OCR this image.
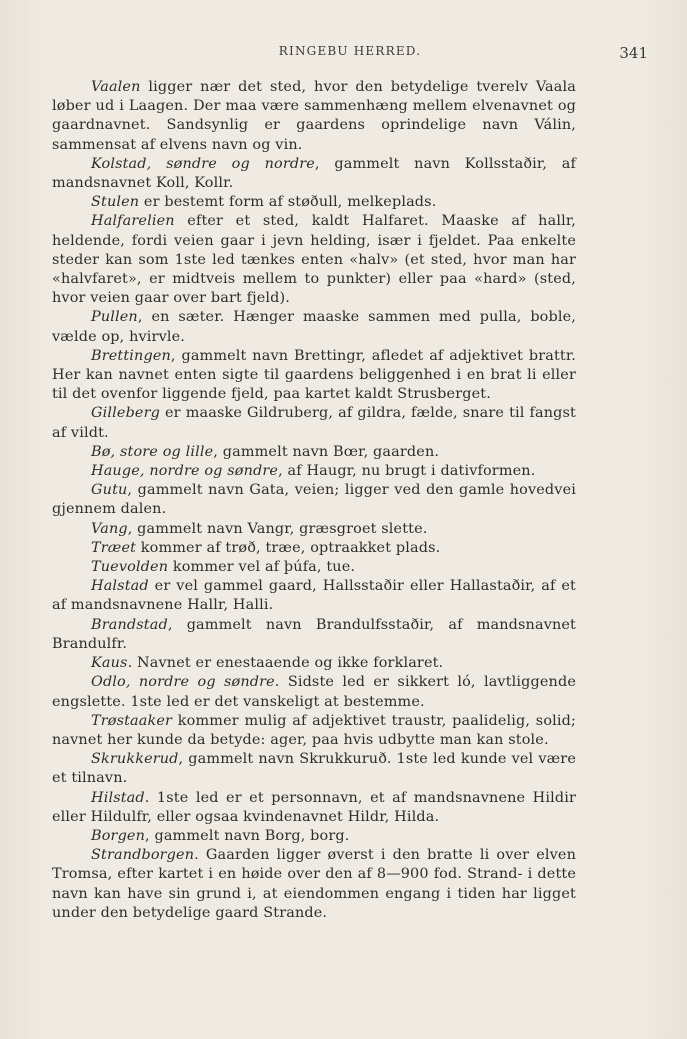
RINGEBU HERRED.	341

Vaalen ligger nær det sted, hvor den betydelige tverelv Vaala løber ud i Laagen. Der maa være sammenhæng mellem elvenavnet og gaardnavnet. Sandsynlig er gaardens oprindelige navn Válin, sammensat af elvens navn og vin.

Kolstad, søndre og nordre, gammelt navn Kollsstaðir, af mandsnavnet Koll, Kollr.

Stulen er bestemt form af støðull, melkeplads.

Halfarelien efter et sted, kaldt Halfaret. Maaske af hallr, heldende, fordi veien gaar i jevn helding, især i fjeldet. Paa enkelte steder kan som 1ste led tænkes enten «halv» (et sted, hvor man har «halvfaret», er midtveis mellem to punkter) eller paa «hard» (sted, hvor veien gaar over bart fjeld).

Pullen, en sæter. Hænger maaske sammen med pulla, boble, vælde op, hvirvle.

Brettingen, gammelt navn Brettingr, afledet af adjektivet brattr. Her kan navnet enten sigte til gaardens beliggenhed i en brat li eller til det ovenfor liggende fjeld, paa kartet kaldt Strusberget.

Gilleberg er maaske Gildruberg, af gildra, fælde, snare til fangst af vildt.

Bø, store og lille, gammelt navn Bœr, gaarden.

Hauge, nordre og søndre, af Haugr, nu brugt i dativformen.

Gutu, gammelt navn Gata, veien; ligger ved den gamle hovedvei gjennem dalen.

Vang, gammelt navn Vangr, græsgroet slette.

Træet kommer af trøð, træe, optraakket plads.

Tuevolden kommer vel af þúfa, tue.

Halstad er vel gammel gaard, Hallsstaðir eller Hallastaðir, af et af mandsnavnene Hallr, Halli.

Brandstad, gammelt navn Brandulfsstaðir, af mandsnavnet Brandulfr.

Kaus. Navnet er enestaaende og ikke forklaret.

Odlo, nordre og søndre. Sidste led er sikkert ló, lavtliggende engslette. 1ste led er det vanskeligt at bestemme.

Trøstaaker kommer mulig af adjektivet traustr, paalidelig, solid; navnet her kunde da betyde: ager, paa hvis udbytte man kan stole.

Skrukkerud, gammelt navn Skrukkuruð. 1ste led kunde vel være et tilnavn.

Hilstad. 1ste led er et personnavn, et af mandsnavnene Hildir eller Hildulfr, eller ogsaa kvindenavnet Hildr, Hilda.

Borgen, gammelt navn Borg, borg.

Strandborgen. Gaarden ligger øverst i den bratte li over elven Tromsa, efter kartet i en høide over den af 8—900 fod. Strand- i dette navn kan have sin grund i, at eiendommen engang i tiden har ligget under den betydelige gaard Strande.
